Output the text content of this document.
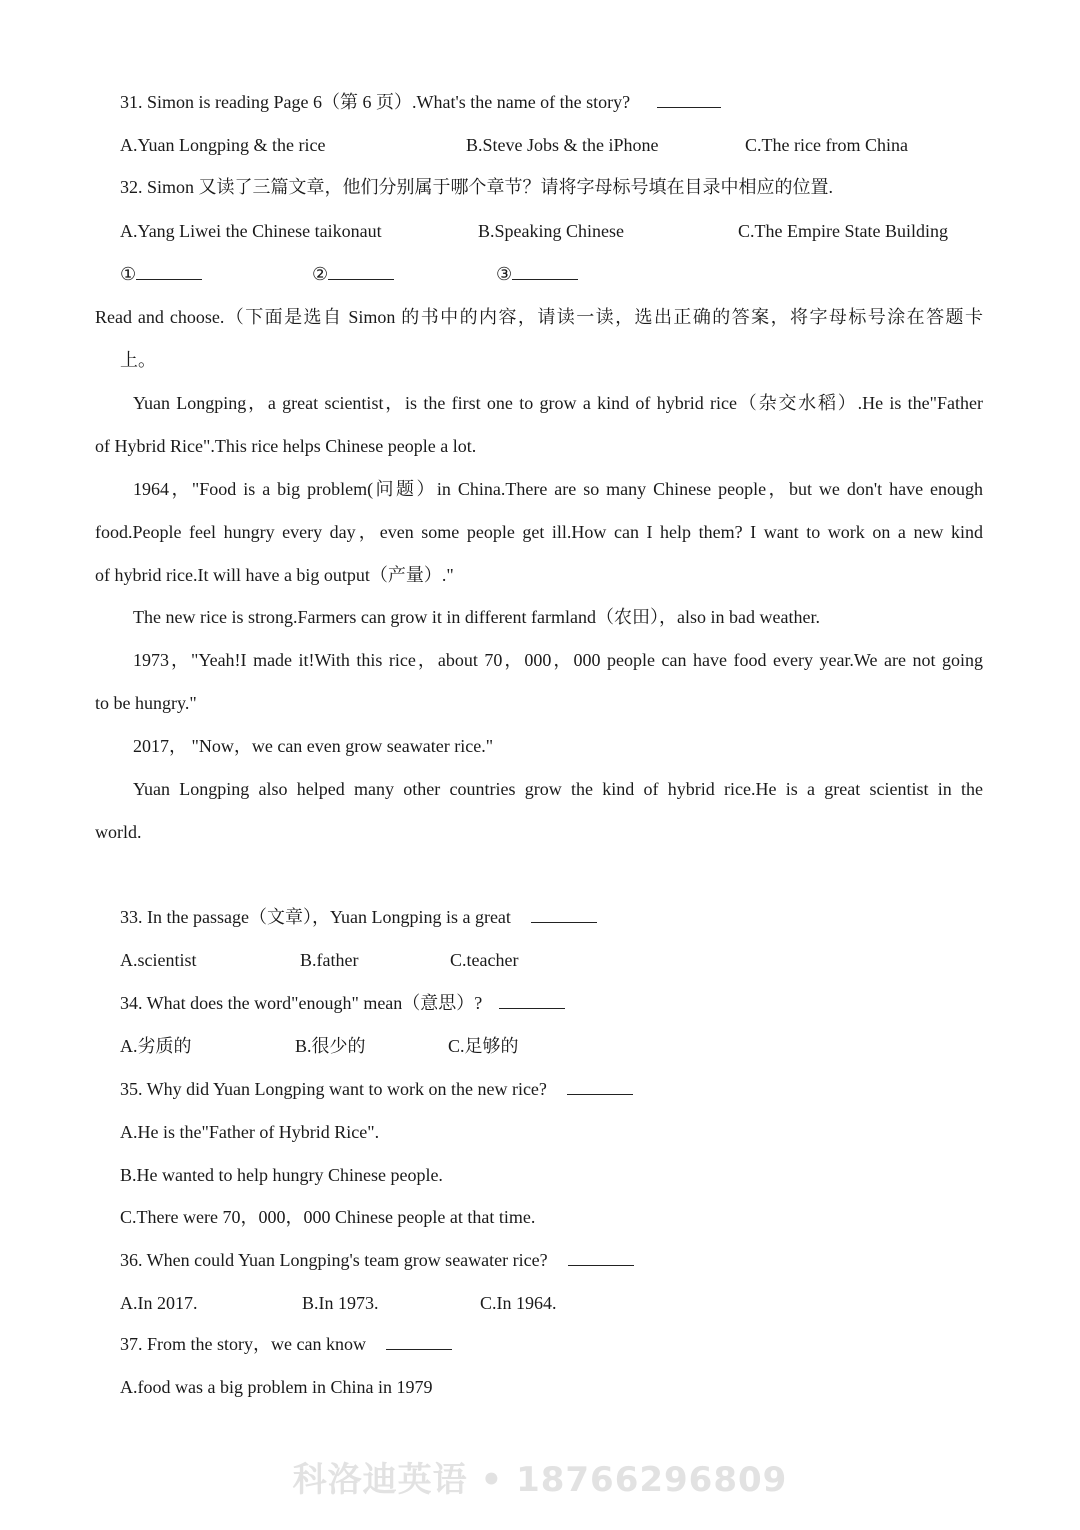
31. Simon is reading Page 6（第 6 页）.What's the name of the story?
A.Yuan Longping & the rice	B.Steve Jobs & the iPhone	C.The rice from China
32. Simon 又读了三篇文章，他们分别属于哪个章节？请将字母标号填在目录中相应的位置.
A.Yang Liwei the Chinese taikonaut	B.Speaking Chinese	C.The Empire State Building
①	②	③
Read and choose.（下面是选自 Simon 的书中的内容，请读一读，选出正确的答案，将字母标号涂在答题卡
上。
Yuan Longping，a great scientist，is the first one to grow a kind of hybrid rice（杂交水稻）.He is the"Father
of Hybrid Rice".This rice helps Chinese people a lot.
1964，"Food is a big problem(问题）in China.There are so many Chinese people，but we don't have enough
food.People feel hungry every day，even some people get ill.How can I help them? I want to work on a new kind
of hybrid rice.It will have a big output（产量）."
The new rice is strong.Farmers can grow it in different farmland（农田），also in bad weather.
1973，"Yeah!I made it!With this rice，about 70，000，000 people can have food every year.We are not going
to be hungry."
2017， "Now，we can even grow seawater rice."
Yuan Longping also helped many other countries grow the kind of hybrid rice.He is a great scientist in the
world.
33. In the passage（文章），Yuan Longping is a great
A.scientist	B.father	C.teacher
34. What does the word"enough" mean（意思）?
A.劣质的	B.很少的	C.足够的
35. Why did Yuan Longping want to work on the new rice?
A.He is the"Father of Hybrid Rice".
B.He wanted to help hungry Chinese people.
C.There were 70，000，000 Chinese people at that time.
36. When could Yuan Longping's team grow seawater rice?
A.In 2017.	B.In 1973.	C.In 1964.
37. From the story，we can know
A.food was a big problem in China in 1979
科洛迪英语 • 18766296809
